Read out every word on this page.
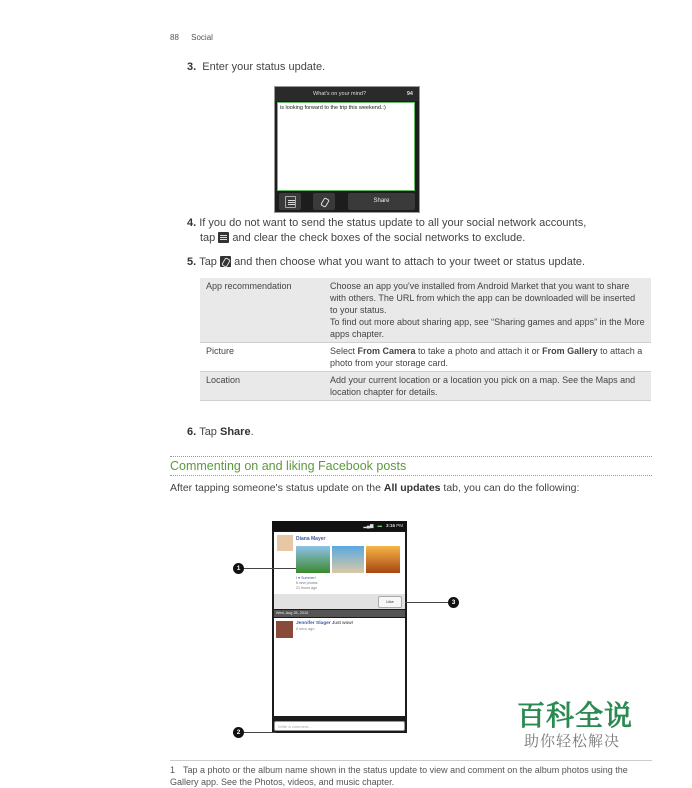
88 Social
3. Enter your status update.
What's on your mind?	94
is looking forward to the trip this weekend.:)
Share
4. If you do not want to send the status update to all your social network accounts,
tap and clear the check boxes of the social networks to exclude.
5. Tap and then choose what you want to attach to your tweet or status update.
App recommendation	Choose an app you've installed from Android Market that you want to share with others. The URL from which the app can be downloaded will be inserted to your status.
To find out more about sharing app, see “Sharing games and apps” in the More apps chapter.
Picture	Select From Camera to take a photo and attach it or From Gallery to attach a photo from your storage card.
Location	Add your current location or a location you pick on a map. See the Maps and location chapter for details.
6. Tap Share.
Commenting on and liking Facebook posts
After tapping someone's status update on the All updates tab, you can do the following:
▂▄▆ ▬ 3:16 PM
Diana Mayer
I ♥ Summer!
6 new photos
21 hours ago
Like
Wed, Aug 25, 2010
Jennifer Slager Just wow!
6 secs ago
Write a comment...
1
2
3
百科全说
助你轻松解决
1 Tap a photo or the album name shown in the status update to view and comment on the album photos using the Gallery app. See the Photos, videos, and music chapter.
